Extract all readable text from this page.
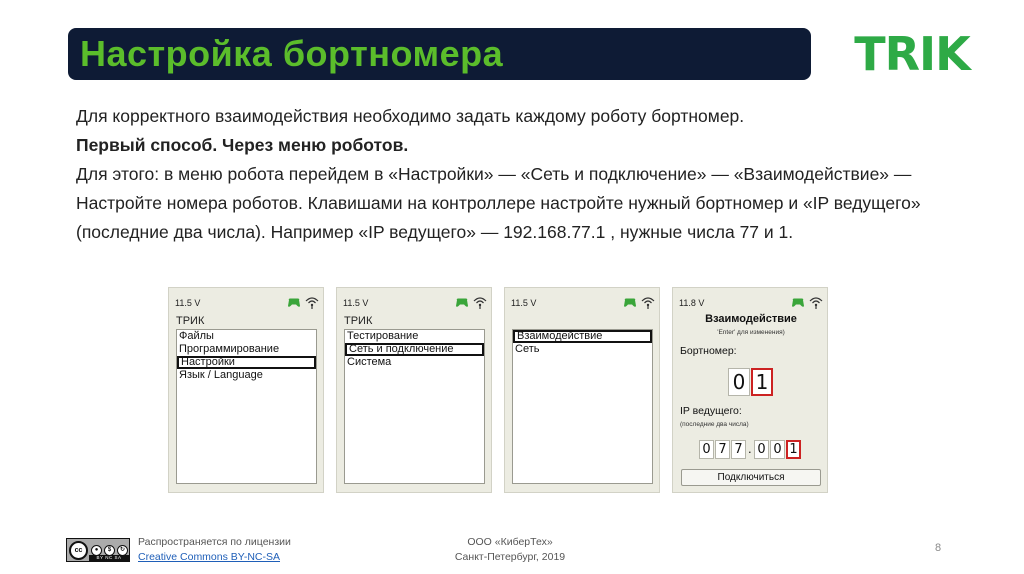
Настройка бортномера	TRIK

Для корректного взаимодействия необходимо задать каждому роботу бортномер.

Первый способ. Через меню роботов.

Для этого: в меню робота перейдем в «Настройки» — «Сеть и подключение» — «Взаимодействие» — Настройте номера роботов. Клавишами на контроллере настройте нужный бортномер и «IP ведущего» (последние два числа). Например «IP ведущего» — 192.168.77.1 , нужные числа 77 и 1.

11.5 V
ТРИК
Файлы
Программирование
Настройки
Язык / Language
11.5 V
ТРИК
Тестирование
Сеть и подключение
Система
11.5 V
Взаимодействие
Сеть
11.8 V
Взаимодействие
'Enter' для изменения)
Бортномер:
0 1
IP ведущего:
(последние два числа)
0 7 7 . 0 0 1
Подключиться
cc	●	$	↻
BY NC SA
Распространяется по лицензии
Creative Commons BY-NC-SA
ООО «КиберТех»
Санкт-Петербург, 2019
8
